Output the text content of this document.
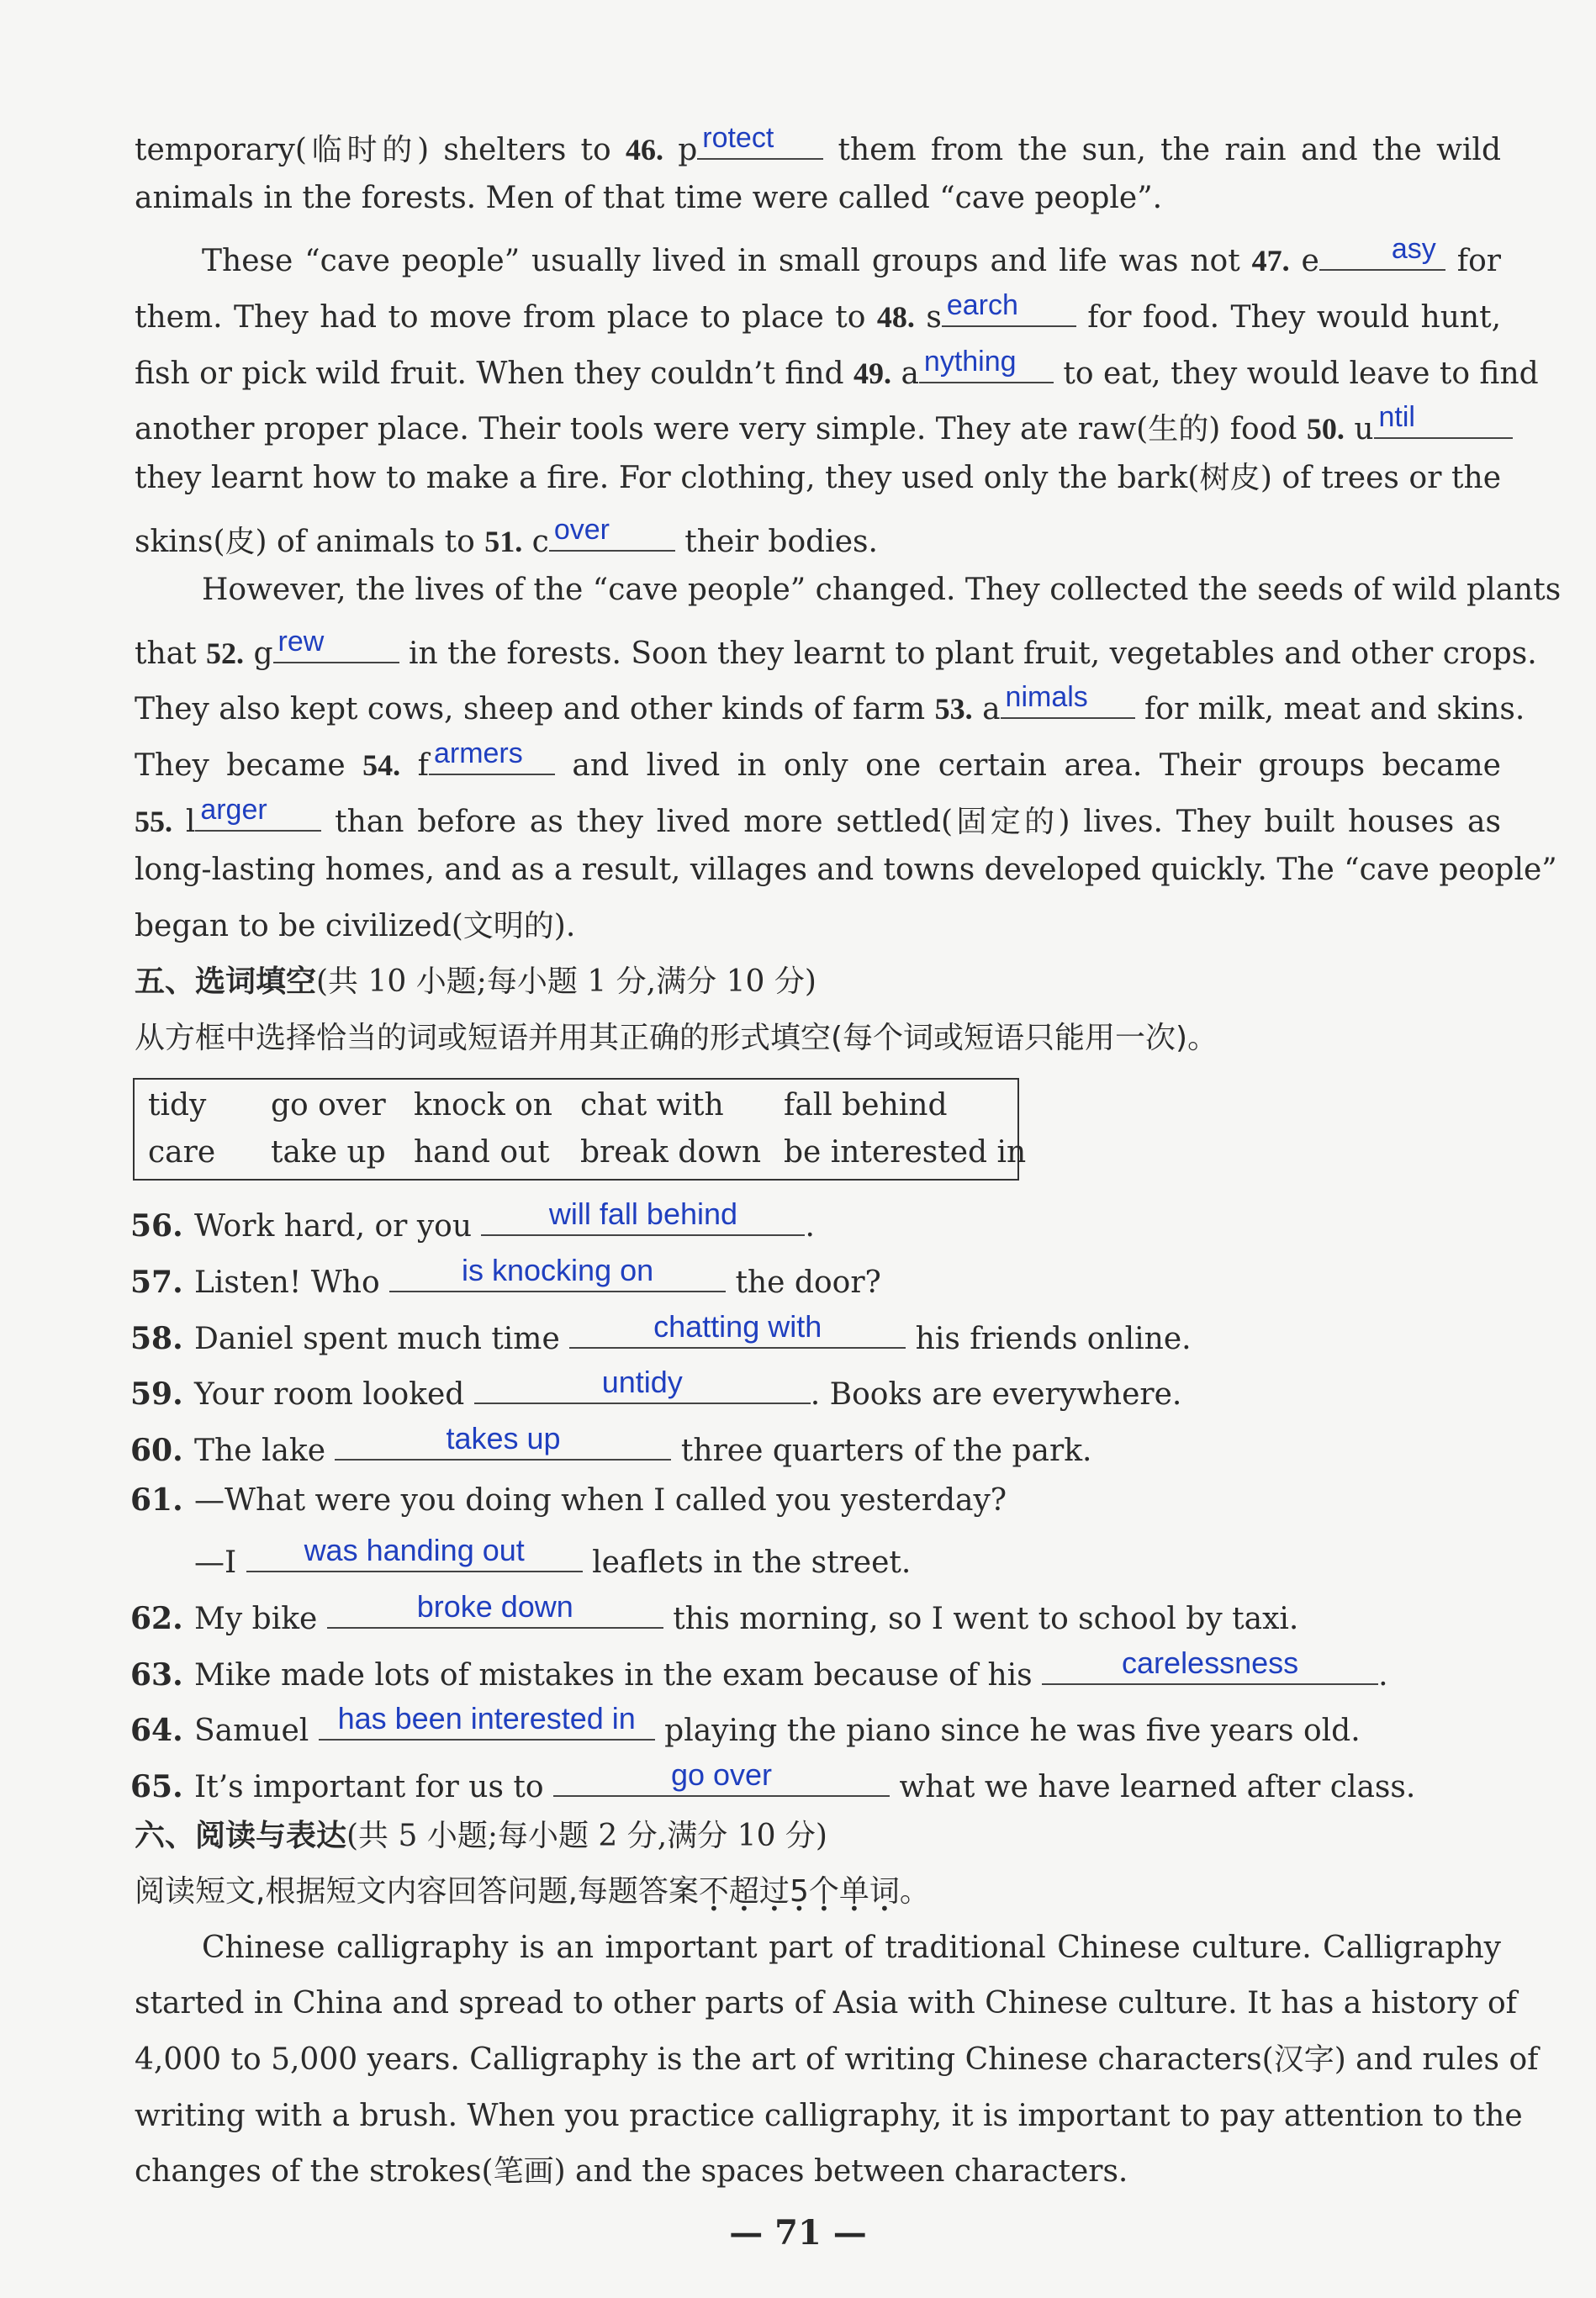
temporary(临时的) shelters to 46. p rotect them from the sun, the rain and the wild
animals in the forests. Men of that time were called “cave people”.
These “cave people” usually lived in small groups and life was not 47. e	asy for
them. They had to move from place to place to 48. s earch for food. They would hunt,
fish or pick wild fruit. When they couldn’t find 49. a nything to eat, they would leave to find
another proper place. Their tools were very simple. They ate raw(生的) food 50. u ntil
they learnt how to make a fire. For clothing, they used only the bark(树皮) of trees or the
skins(皮) of animals to 51. c over their bodies.
However, the lives of the “cave people” changed. They collected the seeds of wild plants
that 52. g rew in the forests. Soon they learnt to plant fruit, vegetables and other crops.
They also kept cows, sheep and other kinds of farm 53. a nimals for milk, meat and skins.
They became 54. f armers and lived in only one certain area. Their groups became
55. l arger than before as they lived more settled(固定的) lives. They built houses as
long-lasting homes, and as a result, villages and towns developed quickly. The “cave people”
began to be civilized(文明的).
五、选词填空(共 10 小题;每小题 1 分,满分 10 分)
从方框中选择恰当的词或短语并用其正确的形式填空(每个词或短语只能用一次)。
tidy go over knock on chat with fall behind
care take up hand out break down be interested in
56. Work hard, or you	will fall behind	.
57. Listen! Who	is knocking on	the door?
58. Daniel spent much time	chatting with	his friends online.
59. Your room looked	untidy	. Books are everywhere.
60. The lake	takes up	three quarters of the park.
61. —What were you doing when I called you yesterday?
—I	was handing out	leaflets in the street.
62. My bike	broke down	this morning, so I went to school by taxi.
63. Mike made lots of mistakes in the exam because of his	carelessness	.
64. Samuel has been interested in playing the piano since he was five years old.
65. It’s important for us to	go over	what we have learned after class.
六、阅读与表达(共 5 小题;每小题 2 分,满分 10 分)
阅读短文,根据短文内容回答问题,每题答案不超过5 •个单词。
Chinese calligraphy is an important part of traditional Chinese culture. Calligraphy
started in China and spread to other parts of Asia with Chinese culture. It has a history of
4,000 to 5,000 years. Calligraphy is the art of writing Chinese characters(汉字) and rules of
writing with a brush. When you practice calligraphy, it is important to pay attention to the
changes of the strokes(笔画) and the spaces between characters.
— 71 —
